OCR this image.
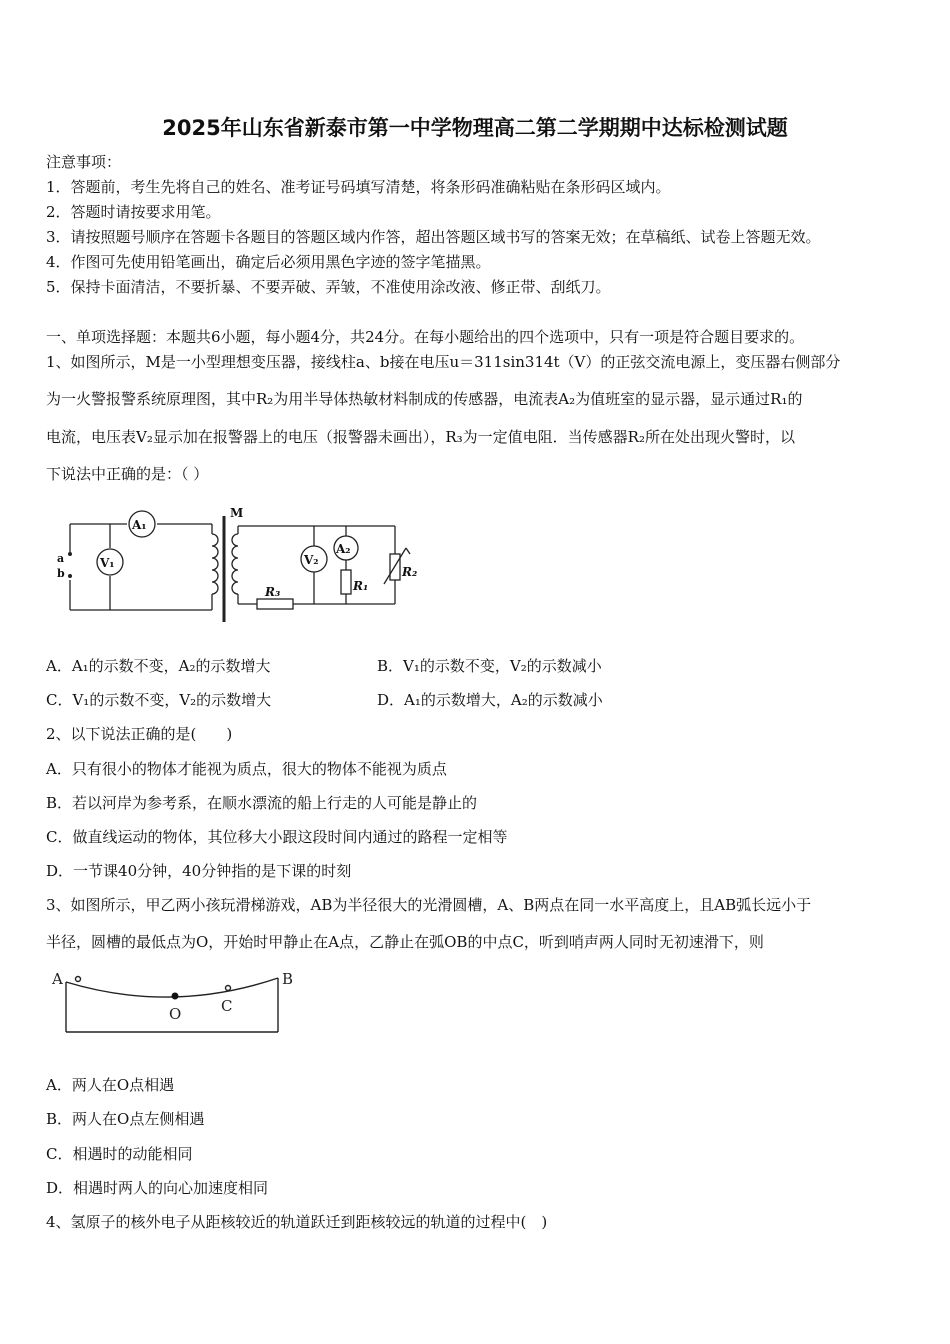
2025年山东省新泰市第一中学物理高二第二学期期中达标检测试题
注意事项：
1．答题前，考生先将自己的姓名、准考证号码填写清楚，将条形码准确粘贴在条形码区域内。
2．答题时请按要求用笔。
3．请按照题号顺序在答题卡各题目的答题区域内作答，超出答题区域书写的答案无效；在草稿纸、试卷上答题无效。
4．作图可先使用铅笔画出，确定后必须用黑色字迹的签字笔描黑。
5．保持卡面清洁，不要折暴、不要弄破、弄皱，不准使用涂改液、修正带、刮纸刀。
一、单项选择题：本题共6小题，每小题4分，共24分。在每小题给出的四个选项中，只有一项是符合题目要求的。
1、如图所示，M是一小型理想变压器，接线柱a、b接在电压u＝311sin314t（V）的正弦交流电源上，变压器右侧部分
为一火警报警系统原理图，其中R₂为用半导体热敏材料制成的传感器，电流表A₂为值班室的显示器，显示通过R₁的
电流，电压表V₂显示加在报警器上的电压（报警器未画出），R₃为一定值电阻．当传感器R₂所在处出现火警时，以
下说法中正确的是：（ ）
M
a
b
A₁
V₁	V₂
A₂
R₁
R₂
R₃
A．A₁的示数不变，A₂的示数增大	B．V₁的示数不变，V₂的示数减小
C．V₁的示数不变，V₂的示数增大	D．A₁的示数增大，A₂的示数减小
2、以下说法正确的是(　　)
A．只有很小的物体才能视为质点，很大的物体不能视为质点
B．若以河岸为参考系，在顺水漂流的船上行走的人可能是静止的
C．做直线运动的物体，其位移大小跟这段时间内通过的路程一定相等
D．一节课40分钟，40分钟指的是下课的时刻
3、如图所示，甲乙两小孩玩滑梯游戏，AB为半径很大的光滑圆槽，A、B两点在同一水平高度上，且AB弧长远小于
半径，圆槽的最低点为O，开始时甲静止在A点，乙静止在弧OB的中点C，听到哨声两人同时无初速滑下，则
A	B
O	C
A．两人在O点相遇
B．两人在O点左侧相遇
C．相遇时的动能相同
D．相遇时两人的向心加速度相同
4、氢原子的核外电子从距核较近的轨道跃迁到距核较远的轨道的过程中(　)
